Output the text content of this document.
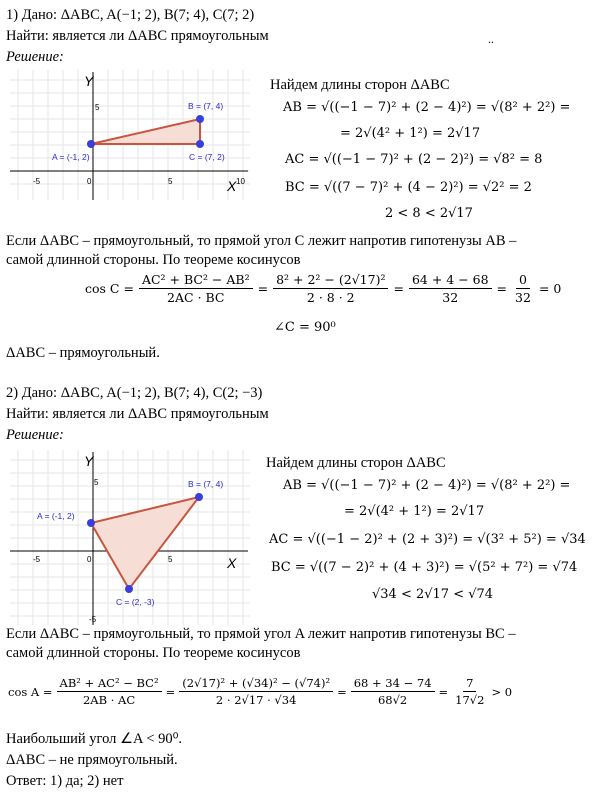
1) Дано: ΔABC, A(−1; 2), B(7; 4), C(7; 2)
Найти: является ли ΔABC прямоугольным	..
Решение:
Y
X
-5	0	5	10
5
A = (-1, 2)
B = (7, 4)
C = (7, 2)
Найдем длины сторон ΔABC
AB = √((−1 − 7)² + (2 − 4)²) = √(8² + 2²) =
= 2√(4² + 1²) = 2√17
AC = √((−1 − 7)² + (2 − 2)²) = √8² = 8
BC = √((7 − 7)² + (4 − 2)²) = √2² = 2
2 < 8 < 2√17
Если ΔABC – прямоугольный, то прямой угол C лежит напротив гипотенузы AB –
самой длинной стороны. По теореме косинусов
$\cos C = \frac{\text{AC² + BC² − AB²}}{2AC \cdot BC} = \frac{\text{8² + 2² − (2√17)²}}{2 \cdot 8 \cdot 2} = \frac{64 + 4 - 68}{32} = \frac{0}{32} = 0$
∠C = 90⁰
ΔABC – прямоугольный.
2) Дано: ΔABC, A(−1; 2), B(7; 4), C(2; −3)
Найти: является ли ΔABC прямоугольным
Решение:
Y
X
-5	0	5
5
-5
A = (-1, 2)
B = (7, 4)
C = (2, -3)
Найдем длины сторон ΔABC
AB = √((−1 − 7)² + (2 − 4)²) = √(8² + 2²) =
= 2√(4² + 1²) = 2√17
AC = √((−1 − 2)² + (2 + 3)²) = √(3² + 5²) = √34
BC = √((7 − 2)² + (4 + 3)²) = √(5² + 7²) = √74
√34 < 2√17 < √74
Если ΔABC – прямоугольный, то прямой угол A лежит напротив гипотенузы BC –
самой длинной стороны. По теореме косинусов
$\cos A = \frac{\text{AB² + AC² − BC²}}{2AB \cdot AC} = \frac{\text{(2√17)² + (√34)² − (√74)²}}{2 \cdot 2√17 \cdot √34} = \frac{68 + 34 - 74}{68√2} = \frac{7}{17√2} > 0$
Наибольший угол ∠A < 90⁰.
ΔABC – не прямоугольный.
Ответ: 1) да; 2) нет
